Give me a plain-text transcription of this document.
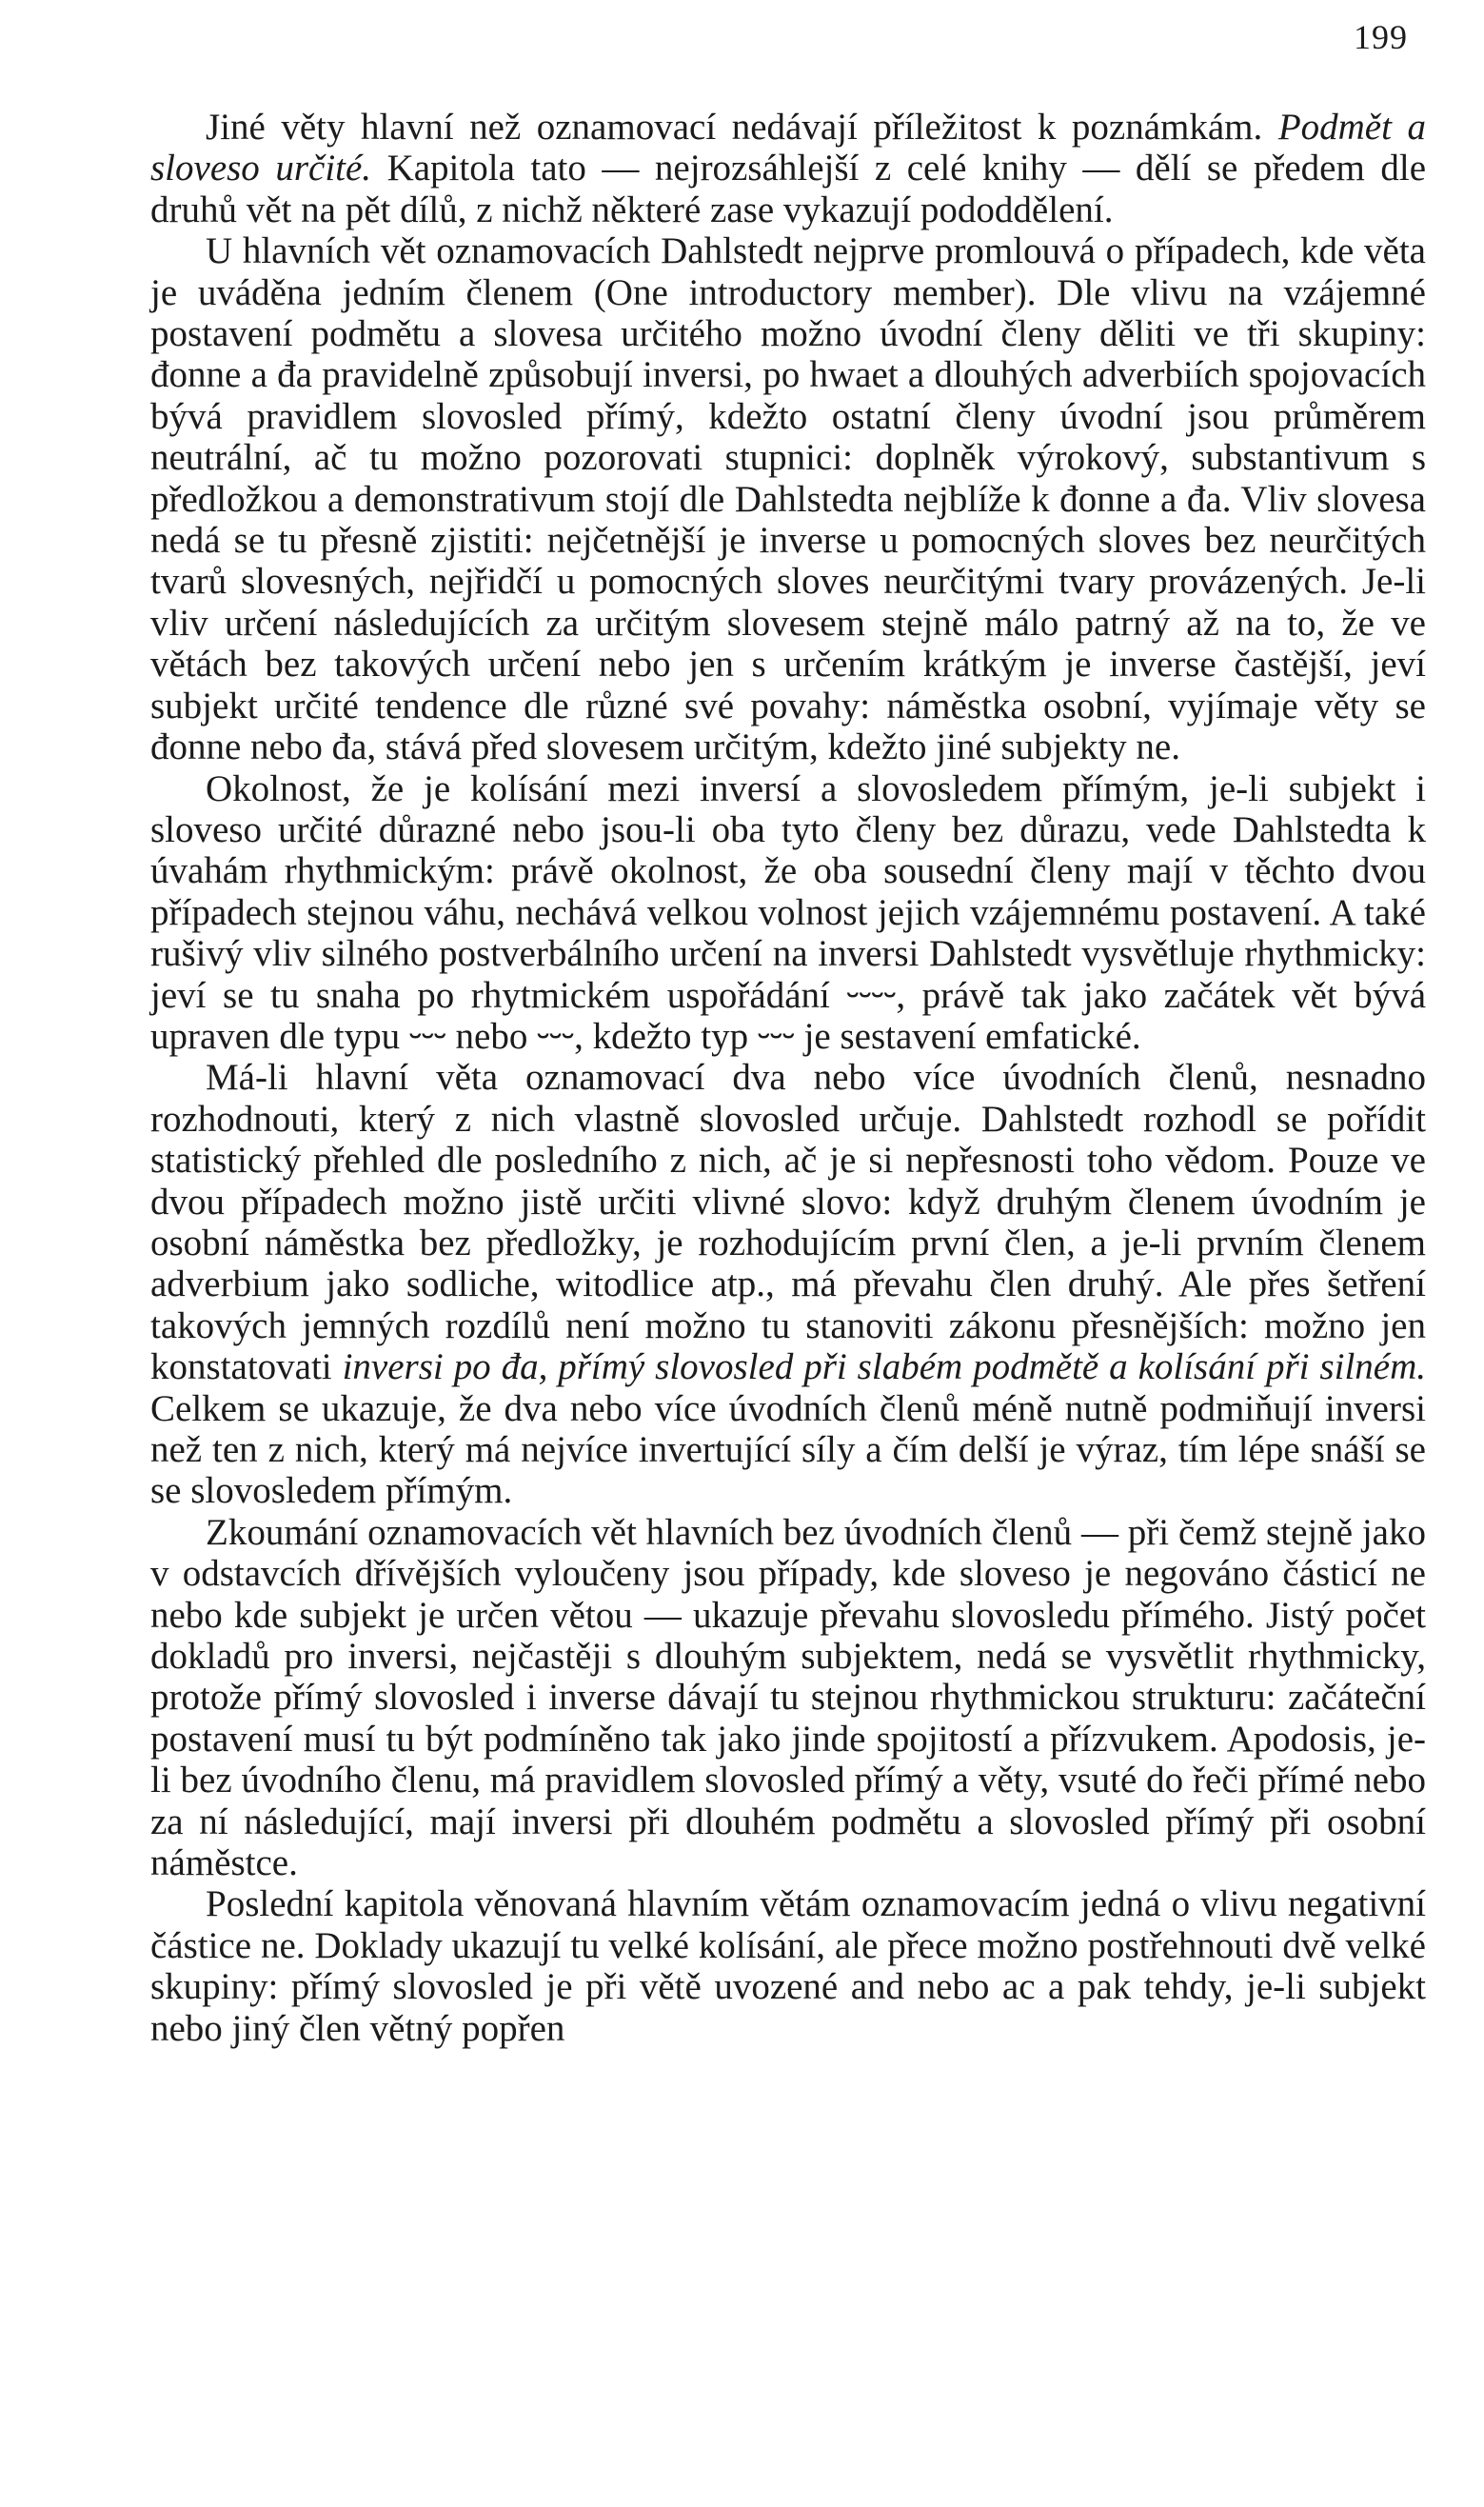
199

Jiné věty hlavní než oznamovací nedávají příležitost k poznámkám. Podmět a sloveso určité. Kapitola tato — nejrozsáhlejší z celé knihy — dělí se předem dle druhů vět na pět dílů, z nichž některé zase vykazují pododdělení.

U hlavních vět oznamovacích Dahlstedt nejprve promlouvá o případech, kde věta je uváděna jedním členem (One introductory member). Dle vlivu na vzájemné postavení podmětu a slovesa určitého možno úvodní členy děliti ve tři skupiny: đonne a đa pravidelně způsobují inversi, po hwaet a dlouhých adverbiích spojovacích bývá pravidlem slovosled přímý, kdežto ostatní členy úvodní jsou průměrem neutrální, ač tu možno pozorovati stupnici: doplněk výrokový, substantivum s předložkou a demonstrativum stojí dle Dahlstedta nejblíže k đonne a đa. Vliv slovesa nedá se tu přesně zjistiti: nejčetnější je inverse u pomocných sloves bez neurčitých tvarů slovesných, nejřidčí u pomocných sloves neurčitými tvary provázených. Je-li vliv určení následujících za určitým slovesem stejně málo patrný až na to, že ve větách bez takových určení nebo jen s určením krátkým je inverse častější, jeví subjekt určité tendence dle různé své povahy: náměstka osobní, vyjímaje věty se đonne nebo đa, stává před slovesem určitým, kdežto jiné subjekty ne.

Okolnost, že je kolísání mezi inversí a slovosledem přímým, je-li subjekt i sloveso určité důrazné nebo jsou-li oba tyto členy bez důrazu, vede Dahlstedta k úvahám rhythmickým: právě okolnost, že oba sousední členy mají v těchto dvou případech stejnou váhu, nechává velkou volnost jejich vzájemnému postavení. A také rušivý vliv silného postverbálního určení na inversi Dahlstedt vysvětluje rhythmicky: jeví se tu snaha po rhytmickém uspořádání ⏑⏑⏑⏑, právě tak jako začátek vět bývá upraven dle typu ⏑⏑⏑ nebo ⏑⏑⏑, kdežto typ ⏑⏑⏑ je sestavení emfatické.

Má-li hlavní věta oznamovací dva nebo více úvodních členů, nesnadno rozhodnouti, který z nich vlastně slovosled určuje. Dahlstedt rozhodl se pořídit statistický přehled dle posledního z nich, ač je si nepřesnosti toho vědom. Pouze ve dvou případech možno jistě určiti vlivné slovo: když druhým členem úvodním je osobní náměstka bez předložky, je rozhodujícím první člen, a je-li prvním členem adverbium jako sodliche, witodlice atp., má převahu člen druhý. Ale přes šetření takových jemných rozdílů není možno tu stanoviti zákonu přesnějších: možno jen konstatovati inversi po đa, přímý slovosled při slabém podmětě a kolísání při silném. Celkem se ukazuje, že dva nebo více úvodních členů méně nutně podmiňují inversi než ten z nich, který má nejvíce invertující síly a čím delší je výraz, tím lépe snáší se se slovosledem přímým.

Zkoumání oznamovacích vět hlavních bez úvodních členů — při čemž stejně jako v odstavcích dřívějších vyloučeny jsou případy, kde sloveso je negováno částicí ne nebo kde subjekt je určen větou — ukazuje převahu slovosledu přímého. Jistý počet dokladů pro inversi, nejčastěji s dlouhým subjektem, nedá se vysvětlit rhythmicky, protože přímý slovosled i inverse dávají tu stejnou rhythmickou strukturu: začáteční postavení musí tu být podmíněno tak jako jinde spojitostí a přízvukem. Apodosis, je-li bez úvodního členu, má pravidlem slovosled přímý a věty, vsuté do řeči přímé nebo za ní následující, mají inversi při dlouhém podmětu a slovosled přímý při osobní náměstce.

Poslední kapitola věnovaná hlavním větám oznamovacím jedná o vlivu negativní částice ne. Doklady ukazují tu velké kolísání, ale přece možno postřehnouti dvě velké skupiny: přímý slovosled je při větě uvozené and nebo ac a pak tehdy, je-li subjekt nebo jiný člen větný popřen
